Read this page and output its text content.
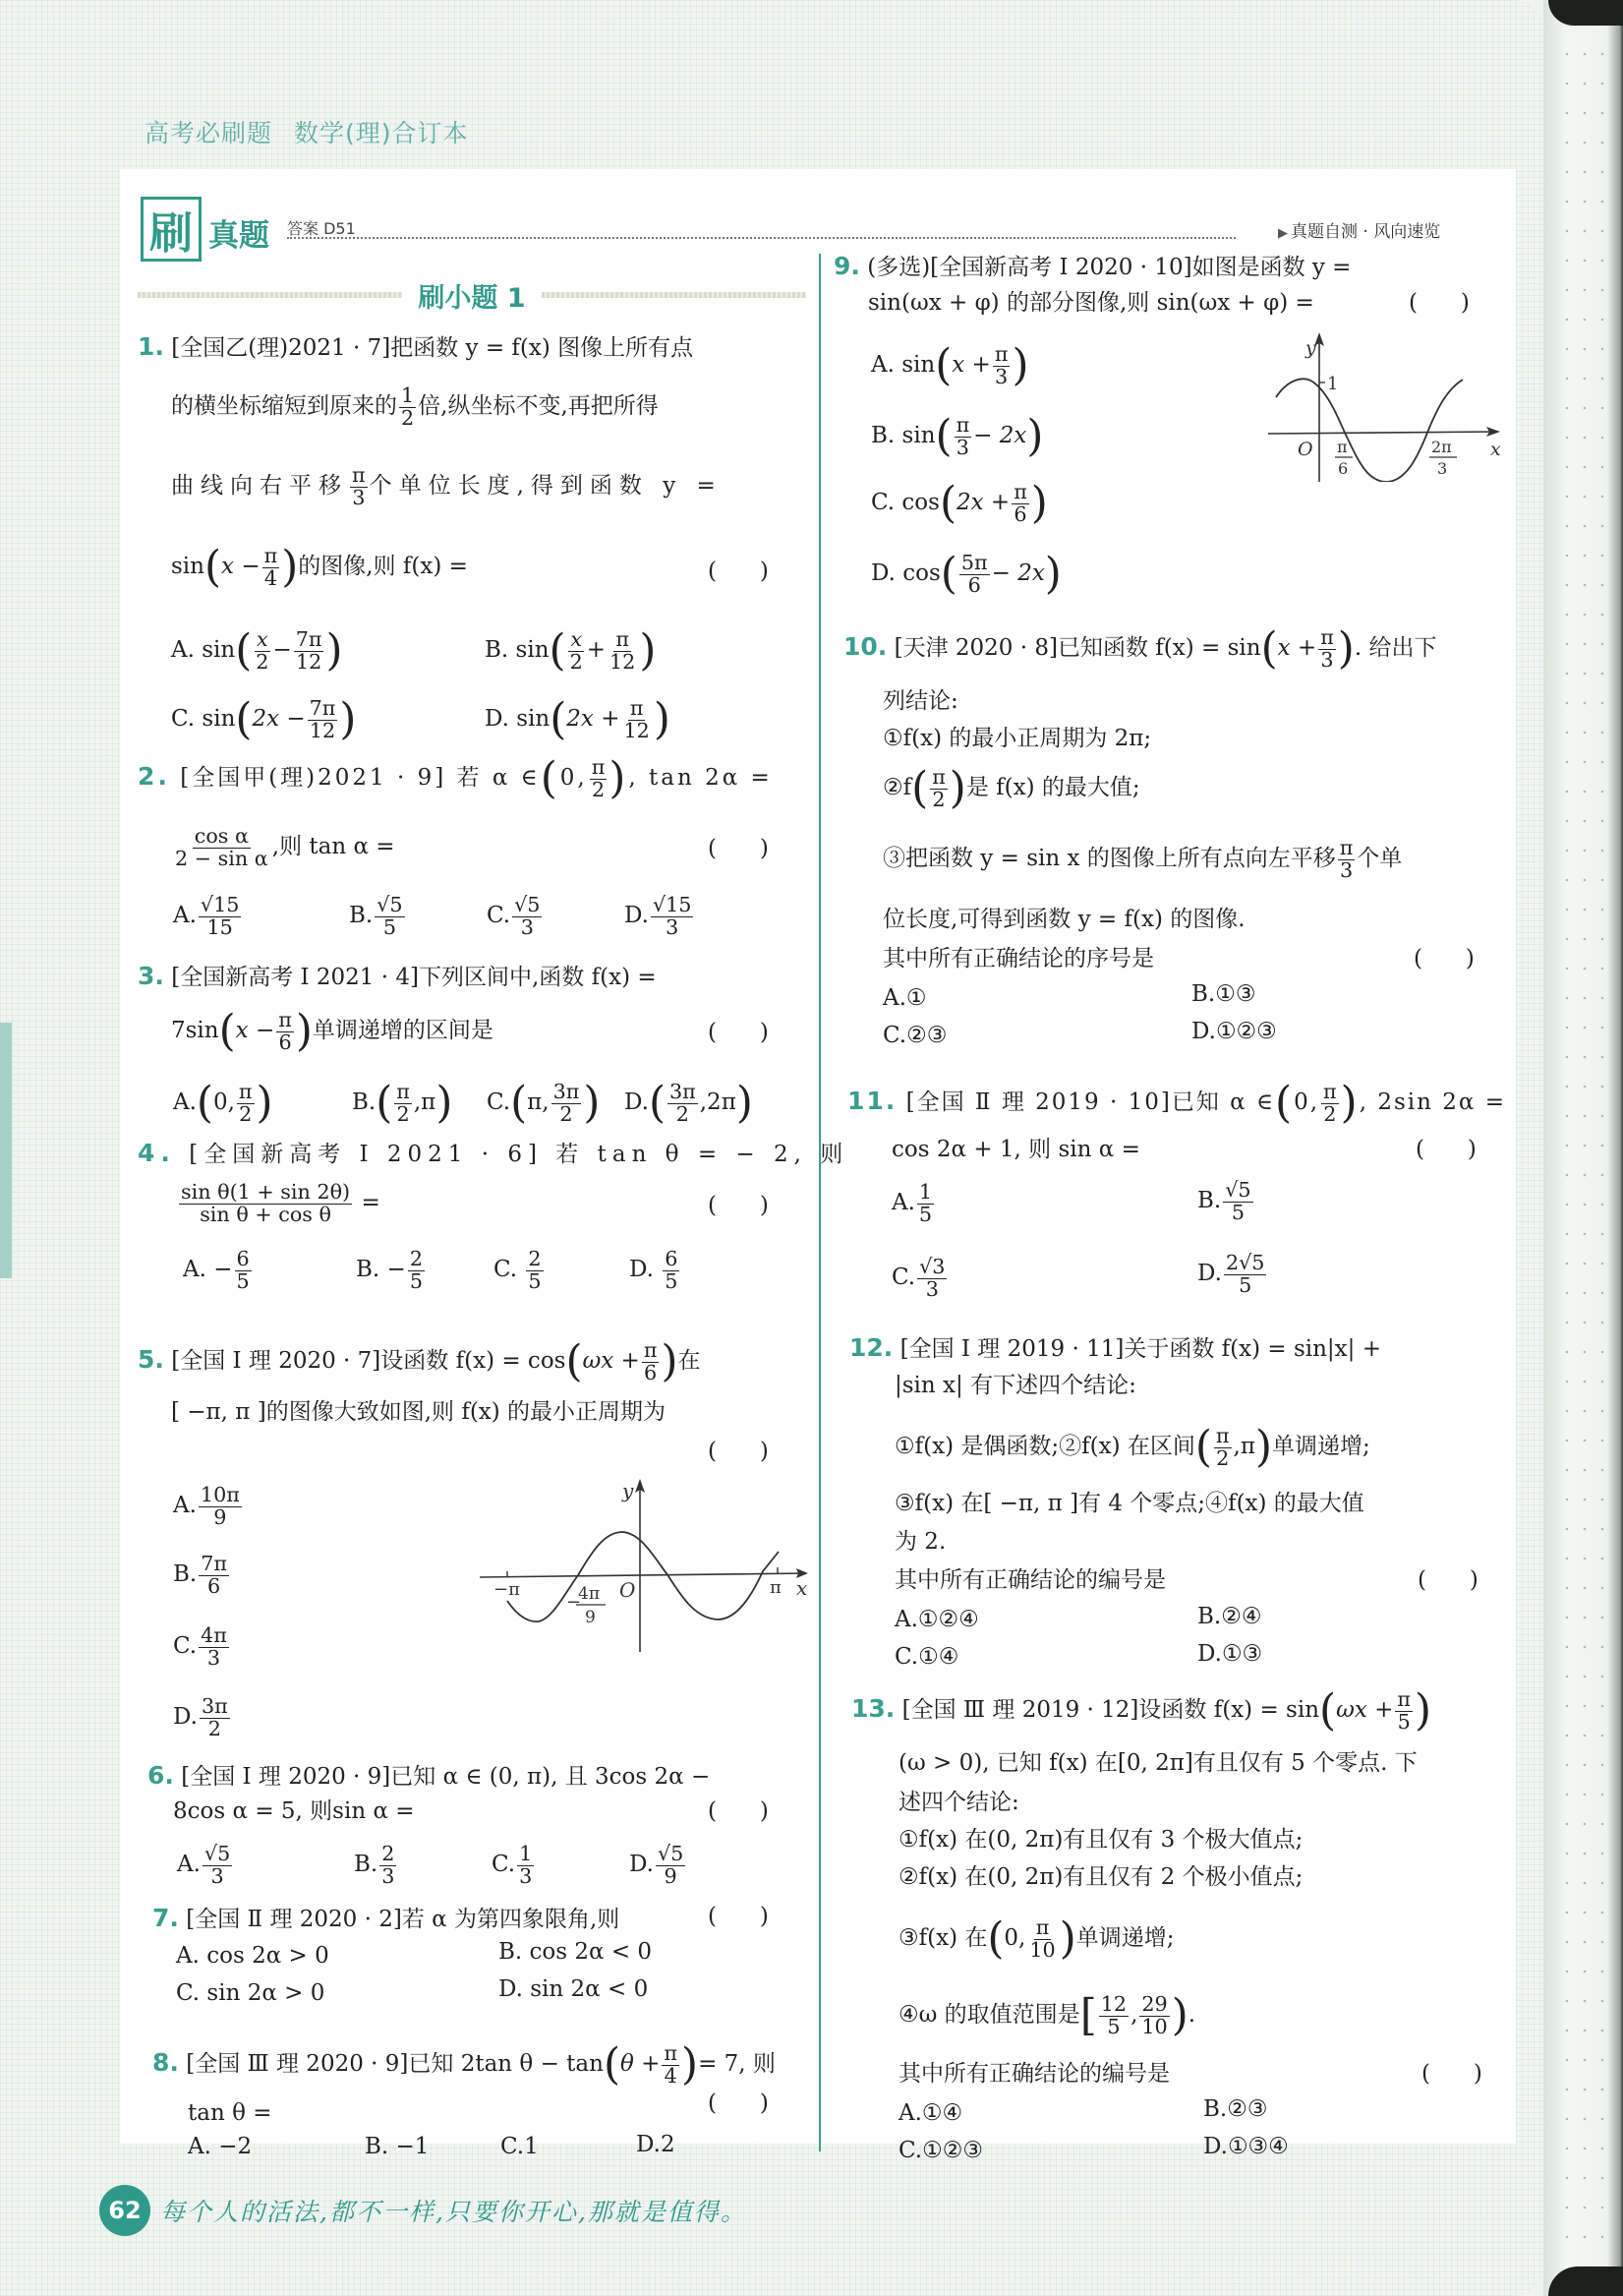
高考必刷题 数学(理)合订本
刷 真题 答案 D51	▶ 真题自测 · 风向速览
刷小题 1
1. [全国乙(理)2021 · 7]把函数 y = f(x) 图像上所有点
的横坐标缩短到原来的 $\frac{1}{2}$ 倍,纵坐标不变,再把所得
曲线向右平移 $\frac{\pi}{3}$ 个单位长度,得到函数 y =
$\sin(x - \frac{\pi}{4}$ )的图像,则 f(x) =	(      )
A. $\sin( \frac{x}{2} - \frac{7\pi}{12}$ )	B. $\sin( \frac{x}{2} + \frac{\pi}{12}$ )
C. $\sin(2x - \frac{7\pi}{12}$ )	D. $\sin(2x + \frac{\pi}{12}$ )
2. [全国甲(理)2021 · 9] 若 α ∈(0, $\frac{\pi}{2}$ ), tan 2α =
$\frac{\text{cos α}}{\text{2 − sin α}}$ ,则 tan α =	(      )
A. $\frac{√15}{15}$	B. $\frac{√5}{5}$	C. $\frac{√5}{3}$	D. $\frac{√15}{3}$
3. [全国新高考 Ⅰ 2021 · 4]下列区间中,函数 f(x) =
$7\sin(x - \frac{\pi}{6}$ )单调递增的区间是	(      )
A.(0, $\frac{\pi}{2}$ )	$B.( \frac{\pi}{2} ,\pi)$ C.(π, $\frac{3\pi}{2}$ ) $D.( \frac{3\pi}{2} ,2\pi)$
4. [全国新高考 Ⅰ 2021 · 6] 若 tan θ = − 2, 则
$\frac{\text{sin θ(1 + sin 2θ)}}{\text{sin θ + cos θ}}$ =	(      )
A. − $\frac{6}{5}$	B. − $\frac{2}{5}$	C. $\frac{2}{5}$	D. $\frac{6}{5}$
5. [全国 Ⅰ 理 2020 · 7]设函数 $f(x) = \cos(\omega x + \frac{\pi}{6}$ )在
[ −π, π ]的图像大致如图,则 f(x) 的最小正周期为
(      )
A. $\frac{10\pi}{9}$
B. $\frac{7\pi}{6}$
C. $\frac{4\pi}{3}$
D. $\frac{3\pi}{2}$
y
x
O
−π	π
−
4π
9
6. [全国 Ⅰ 理 2020 · 9]已知 α ∈ (0, π), 且 3cos 2α −
8cos α = 5, 则sin α =	(      )
A. $\frac{√5}{3}$	B. $\frac{2}{3}$	C. $\frac{1}{3}$	D. $\frac{√5}{9}$
7. [全国 Ⅱ 理 2020 · 2]若 α 为第四象限角,则	(      )
A. cos 2α > 0	B. cos 2α < 0
C. sin 2α > 0	D. sin 2α < 0
8. [全国 Ⅲ 理 2020 · 9]已知 2tan $\theta - \tan(\theta + \frac{\pi}{4}$ )= 7, 则
tan θ =	(      )
A. −2	B. −1	C.1	D.2
9. (多选)[全国新高考 Ⅰ 2020 · 10]如图是函数 y =
sin(ωx + φ) 的部分图像,则 sin(ωx + φ) =	(      )
A. $\sin(x + \frac{\pi}{3}$ )
B. $\sin( \frac{\pi}{3} - 2x)$
C. $\cos(2x + \frac{\pi}{6}$ )
D. $\cos( \frac{5\pi}{6} - 2x)$
y
x
O
1
π
6
2π
3
10. [天津 2020 · 8]已知函数 $f(x) = \sin(x + \frac{\pi}{3}$ ). 给出下
列结论:
①f(x) 的最小正周期为 2π;
②f( $\frac{\pi}{2}$ )是 f(x) 的最大值;
③把函数 y = sin x 的图像上所有点向左平移 $\frac{\pi}{3}$ 个单
位长度,可得到函数 y = f(x) 的图像.
其中所有正确结论的序号是	(      )
A.①	B.①③
C.②③	D.①②③
11. [全国 Ⅱ 理 2019 · 10]已知 α ∈(0, $\frac{\pi}{2}$ ), 2sin 2α =
cos 2α + 1, 则 sin α =	(      )
A. $\frac{1}{5}$	B. $\frac{√5}{5}$
C. $\frac{√3}{3}$	D. $\frac{2√5}{5}$
12. [全国 Ⅰ 理 2019 · 11]关于函数 f(x) = sin|x| +
|sin x| 有下述四个结论:
①f(x) 是偶函数;②f(x) 在区间( $\frac{\pi}{2} ,\pi$)单调递增;
③f(x) 在[ −π, π ]有 4 个零点;④f(x) 的最大值
为 2.
其中所有正确结论的编号是	(      )
A.①②④	B.②④
C.①④	D.①③
13. [全国 Ⅲ 理 2019 · 12]设函数 $f(x) = \sin(\omega x + \frac{\pi}{5}$ )
(ω > 0), 已知 f(x) 在[0, 2π]有且仅有 5 个零点. 下
述四个结论:
①f(x) 在(0, 2π)有且仅有 3 个极大值点;
②f(x) 在(0, 2π)有且仅有 2 个极小值点;
③f(x) 在(0, $\frac{\pi}{10}$ )单调递增;
④ω 的取值范围是[ $\frac{12}{5}$ , $\frac{29}{10}$ ).
其中所有正确结论的编号是	(      )
A.①④	B.②③
C.①②③	D.①③④
62 每个人的活法,都不一样,只要你开心,那就是值得。
